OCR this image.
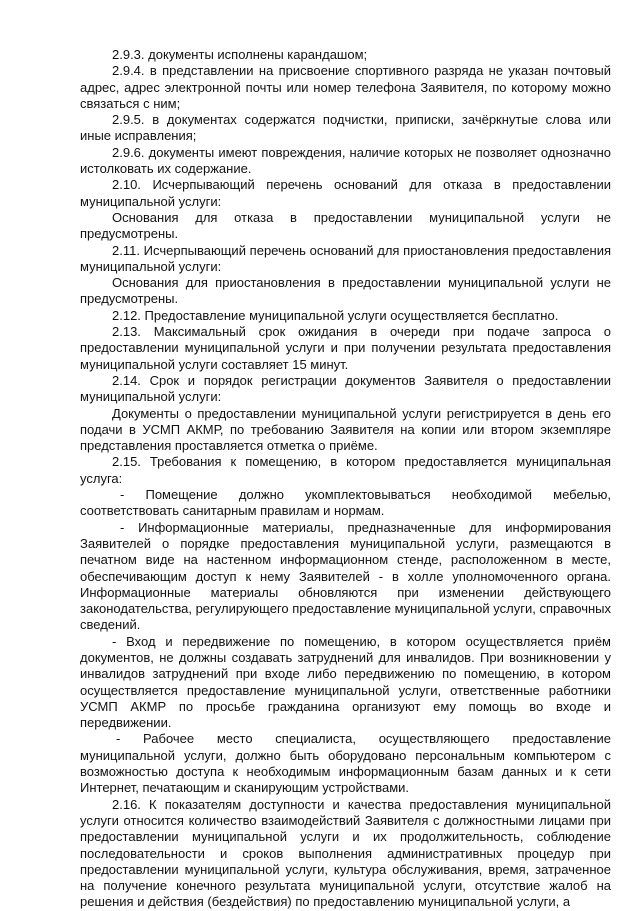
2.9.3. документы исполнены карандашом;

2.9.4. в представлении на присвоение спортивного разряда не указан почтовый адрес, адрес электронной почты или номер телефона Заявителя, по которому можно связаться с ним;

2.9.5. в документах содержатся подчистки, приписки, зачёркнутые слова или иные исправления;

2.9.6. документы имеют повреждения, наличие которых не позволяет однозначно истолковать их содержание.

2.10. Исчерпывающий перечень оснований для отказа в предоставлении муниципальной услуги:

Основания для отказа в предоставлении муниципальной услуги не предусмотрены.

2.11. Исчерпывающий перечень оснований для приостановления предоставления муниципальной услуги:

Основания для приостановления в предоставлении муниципальной услуги не предусмотрены.

2.12. Предоставление муниципальной услуги осуществляется бесплатно.

2.13. Максимальный срок ожидания в очереди при подаче запроса о предоставлении муниципальной услуги и при получении результата предоставления муниципальной услуги составляет 15 минут.

2.14. Срок и порядок регистрации документов Заявителя о предоставлении муниципальной услуги:

Документы о предоставлении муниципальной услуги регистрируется в день его подачи в УСМП АКМР, по требованию Заявителя на копии или втором экземпляре представления проставляется отметка о приёме.

2.15. Требования к помещению, в котором предоставляется муниципальная услуга:

- Помещение должно укомплектовываться необходимой мебелью, соответствовать санитарным правилам и нормам.

- Информационные материалы, предназначенные для информирования Заявителей о порядке предоставления муниципальной услуги, размещаются в печатном виде на настенном информационном стенде, расположенном в месте, обеспечивающим доступ к нему Заявителей - в холле уполномоченного органа. Информационные материалы обновляются при изменении действующего законодательства, регулирующего предоставление муниципальной услуги, справочных сведений.

- Вход и передвижение по помещению, в котором осуществляется приём документов, не должны создавать затруднений для инвалидов. При возникновении у инвалидов затруднений при входе либо передвижению по помещению, в котором осуществляется предоставление муниципальной услуги, ответственные работники УСМП АКМР по просьбе гражданина организуют ему помощь во входе и передвижении.

- Рабочее место специалиста, осуществляющего предоставление муниципальной услуги, должно быть оборудовано персональным компьютером с возможностью доступа к необходимым информационным базам данных и к сети Интернет, печатающим и сканирующим устройствами.

2.16. К показателям доступности и качества предоставления муниципальной услуги относится количество взаимодействий Заявителя с должностными лицами при предоставлении муниципальной услуги и их продолжительность, соблюдение последовательности и сроков выполнения административных процедур при предоставлении муниципальной услуги, культура обслуживания, время, затраченное на получение конечного результата муниципальной услуги, отсутствие жалоб на решения и действия (бездействия) по предоставлению муниципальной услуги, а
